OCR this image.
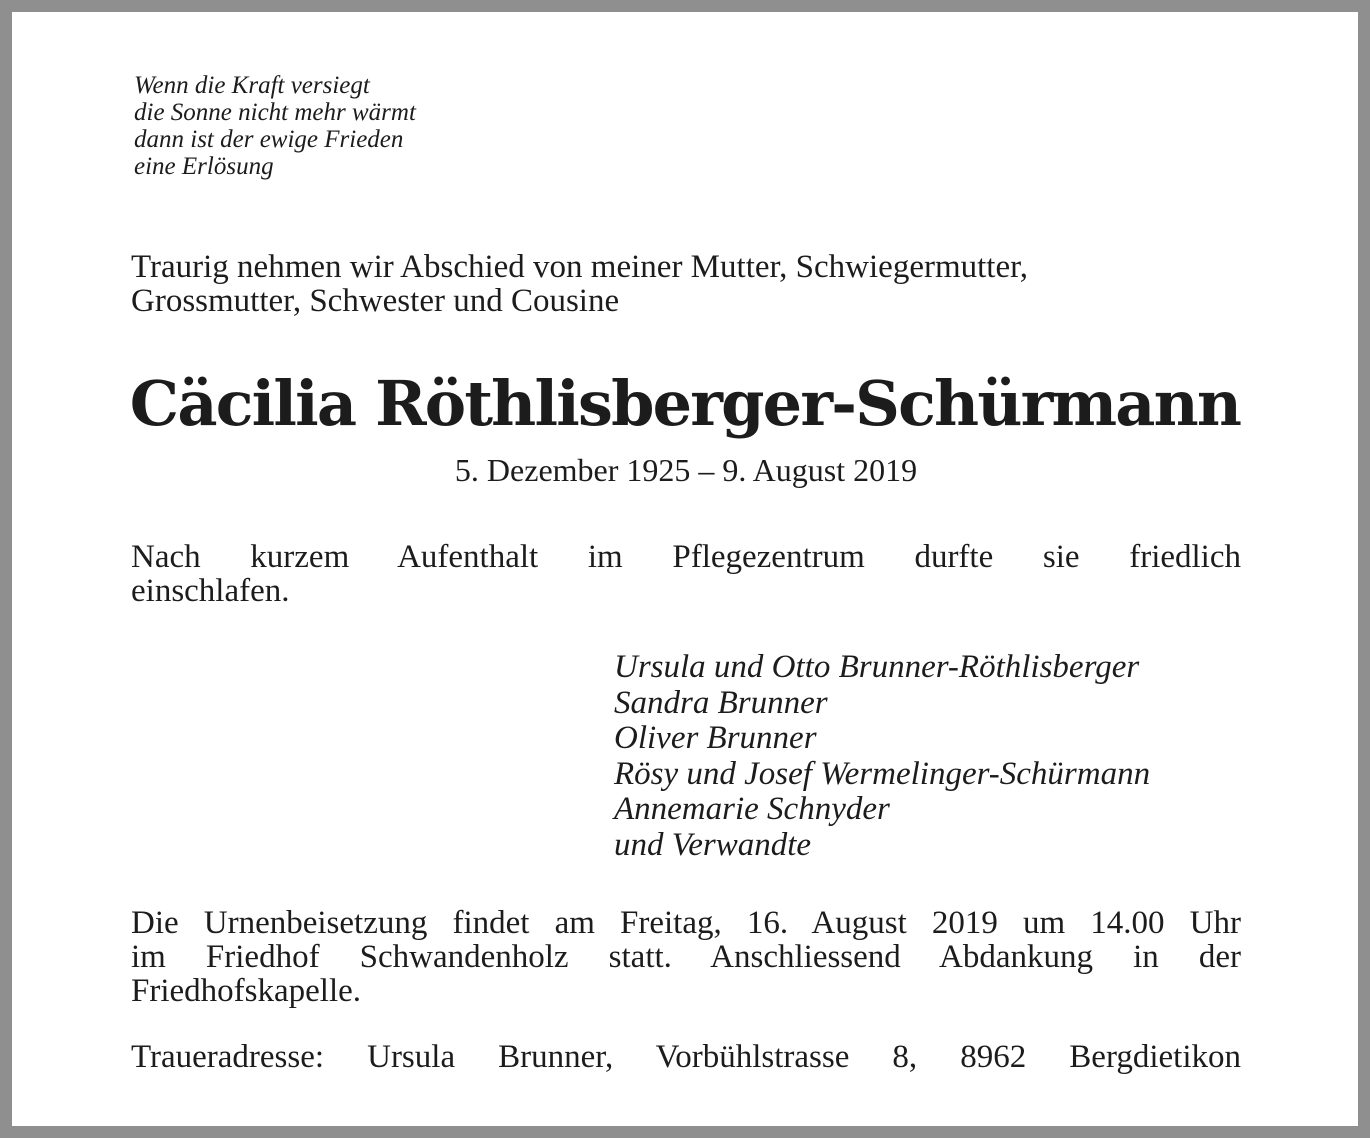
Wenn die Kraft versiegt
die Sonne nicht mehr wärmt
dann ist der ewige Frieden
eine Erlösung
Traurig nehmen wir Abschied von meiner Mutter, Schwiegermutter,
Grossmutter, Schwester und Cousine
Cäcilia Röthlisberger-Schürmann
5. Dezember 1925 – 9. August 2019
Nach kurzem Aufenthalt im Pflegezentrum durfte sie friedlich
einschlafen.
Ursula und Otto Brunner-Röthlisberger
Sandra Brunner
Oliver Brunner
Rösy und Josef Wermelinger-Schürmann
Annemarie Schnyder
und Verwandte
Die Urnenbeisetzung findet am Freitag, 16. August 2019 um 14.00 Uhr
im Friedhof Schwandenholz statt. Anschliessend Abdankung in der
Friedhofskapelle.
Traueradresse: Ursula Brunner, Vorbühlstrasse 8, 8962 Bergdietikon
